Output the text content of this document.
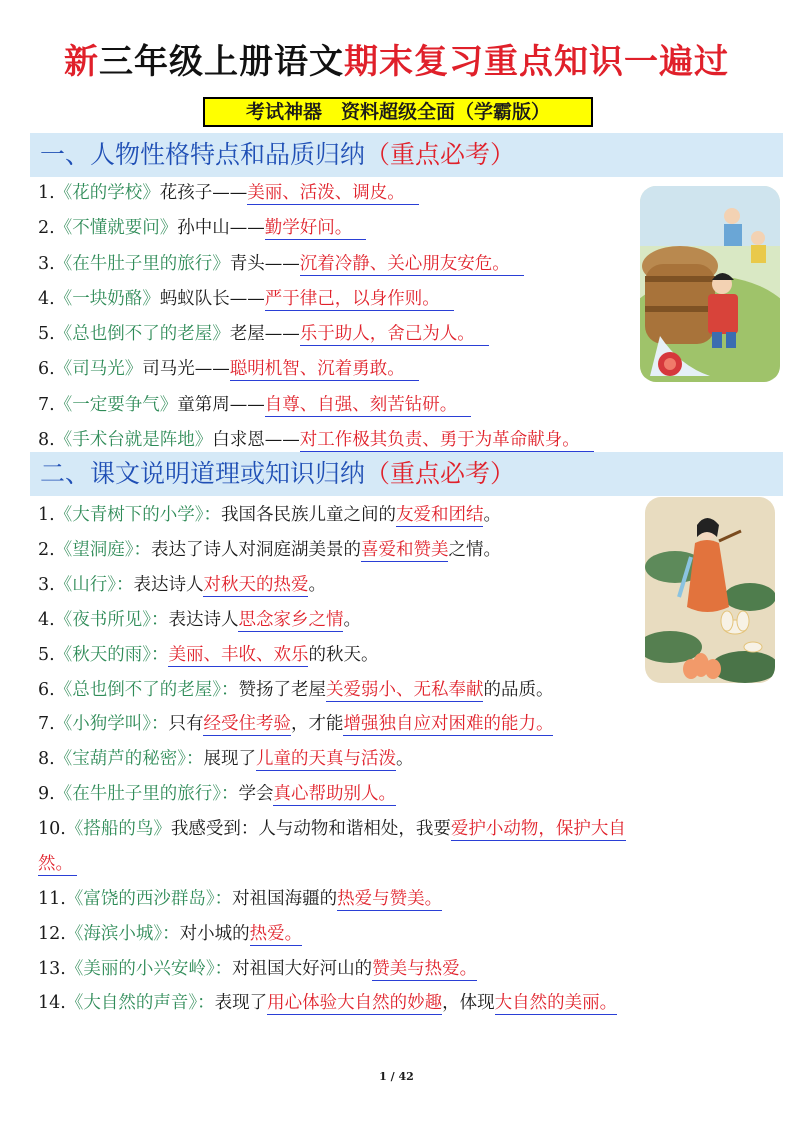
新三年级上册语文期末复习重点知识一遍过
考试神器　资料超级全面（学霸版）
一、人物性格特点和品质归纳（重点必考）
1.《花的学校》花孩子——美丽、活泼、调皮。
2.《不懂就要问》孙中山——勤学好问。
3.《在牛肚子里的旅行》青头——沉着冷静、关心朋友安危。
4.《一块奶酪》蚂蚁队长——严于律己，以身作则。
5.《总也倒不了的老屋》老屋——乐于助人，舍己为人。
6.《司马光》司马光——聪明机智、沉着勇敢。
7.《一定要争气》童第周——自尊、自强、刻苦钻研。
8.《手术台就是阵地》白求恩——对工作极其负责、勇于为革命献身。
二、课文说明道理或知识归纳（重点必考）
1.《大青树下的小学》：我国各民族儿童之间的友爱和团结。
2.《望洞庭》：表达了诗人对洞庭湖美景的喜爱和赞美之情。
3.《山行》：表达诗人对秋天的热爱。
4.《夜书所见》：表达诗人思念家乡之情。
5.《秋天的雨》：美丽、丰收、欢乐的秋天。
6.《总也倒不了的老屋》：赞扬了老屋关爱弱小、无私奉献的品质。
7.《小狗学叫》：只有经受住考验，才能增强独自应对困难的能力。
8.《宝葫芦的秘密》：展现了儿童的天真与活泼。
9.《在牛肚子里的旅行》：学会真心帮助别人。
10.《搭船的鸟》我感受到：人与动物和谐相处，我要爱护小动物，保护大自
然。
11.《富饶的西沙群岛》：对祖国海疆的热爱与赞美。
12.《海滨小城》：对小城的热爱。
13.《美丽的小兴安岭》：对祖国大好河山的赞美与热爱。
14.《大自然的声音》：表现了用心体验大自然的妙趣，体现大自然的美丽。
1 / 42
